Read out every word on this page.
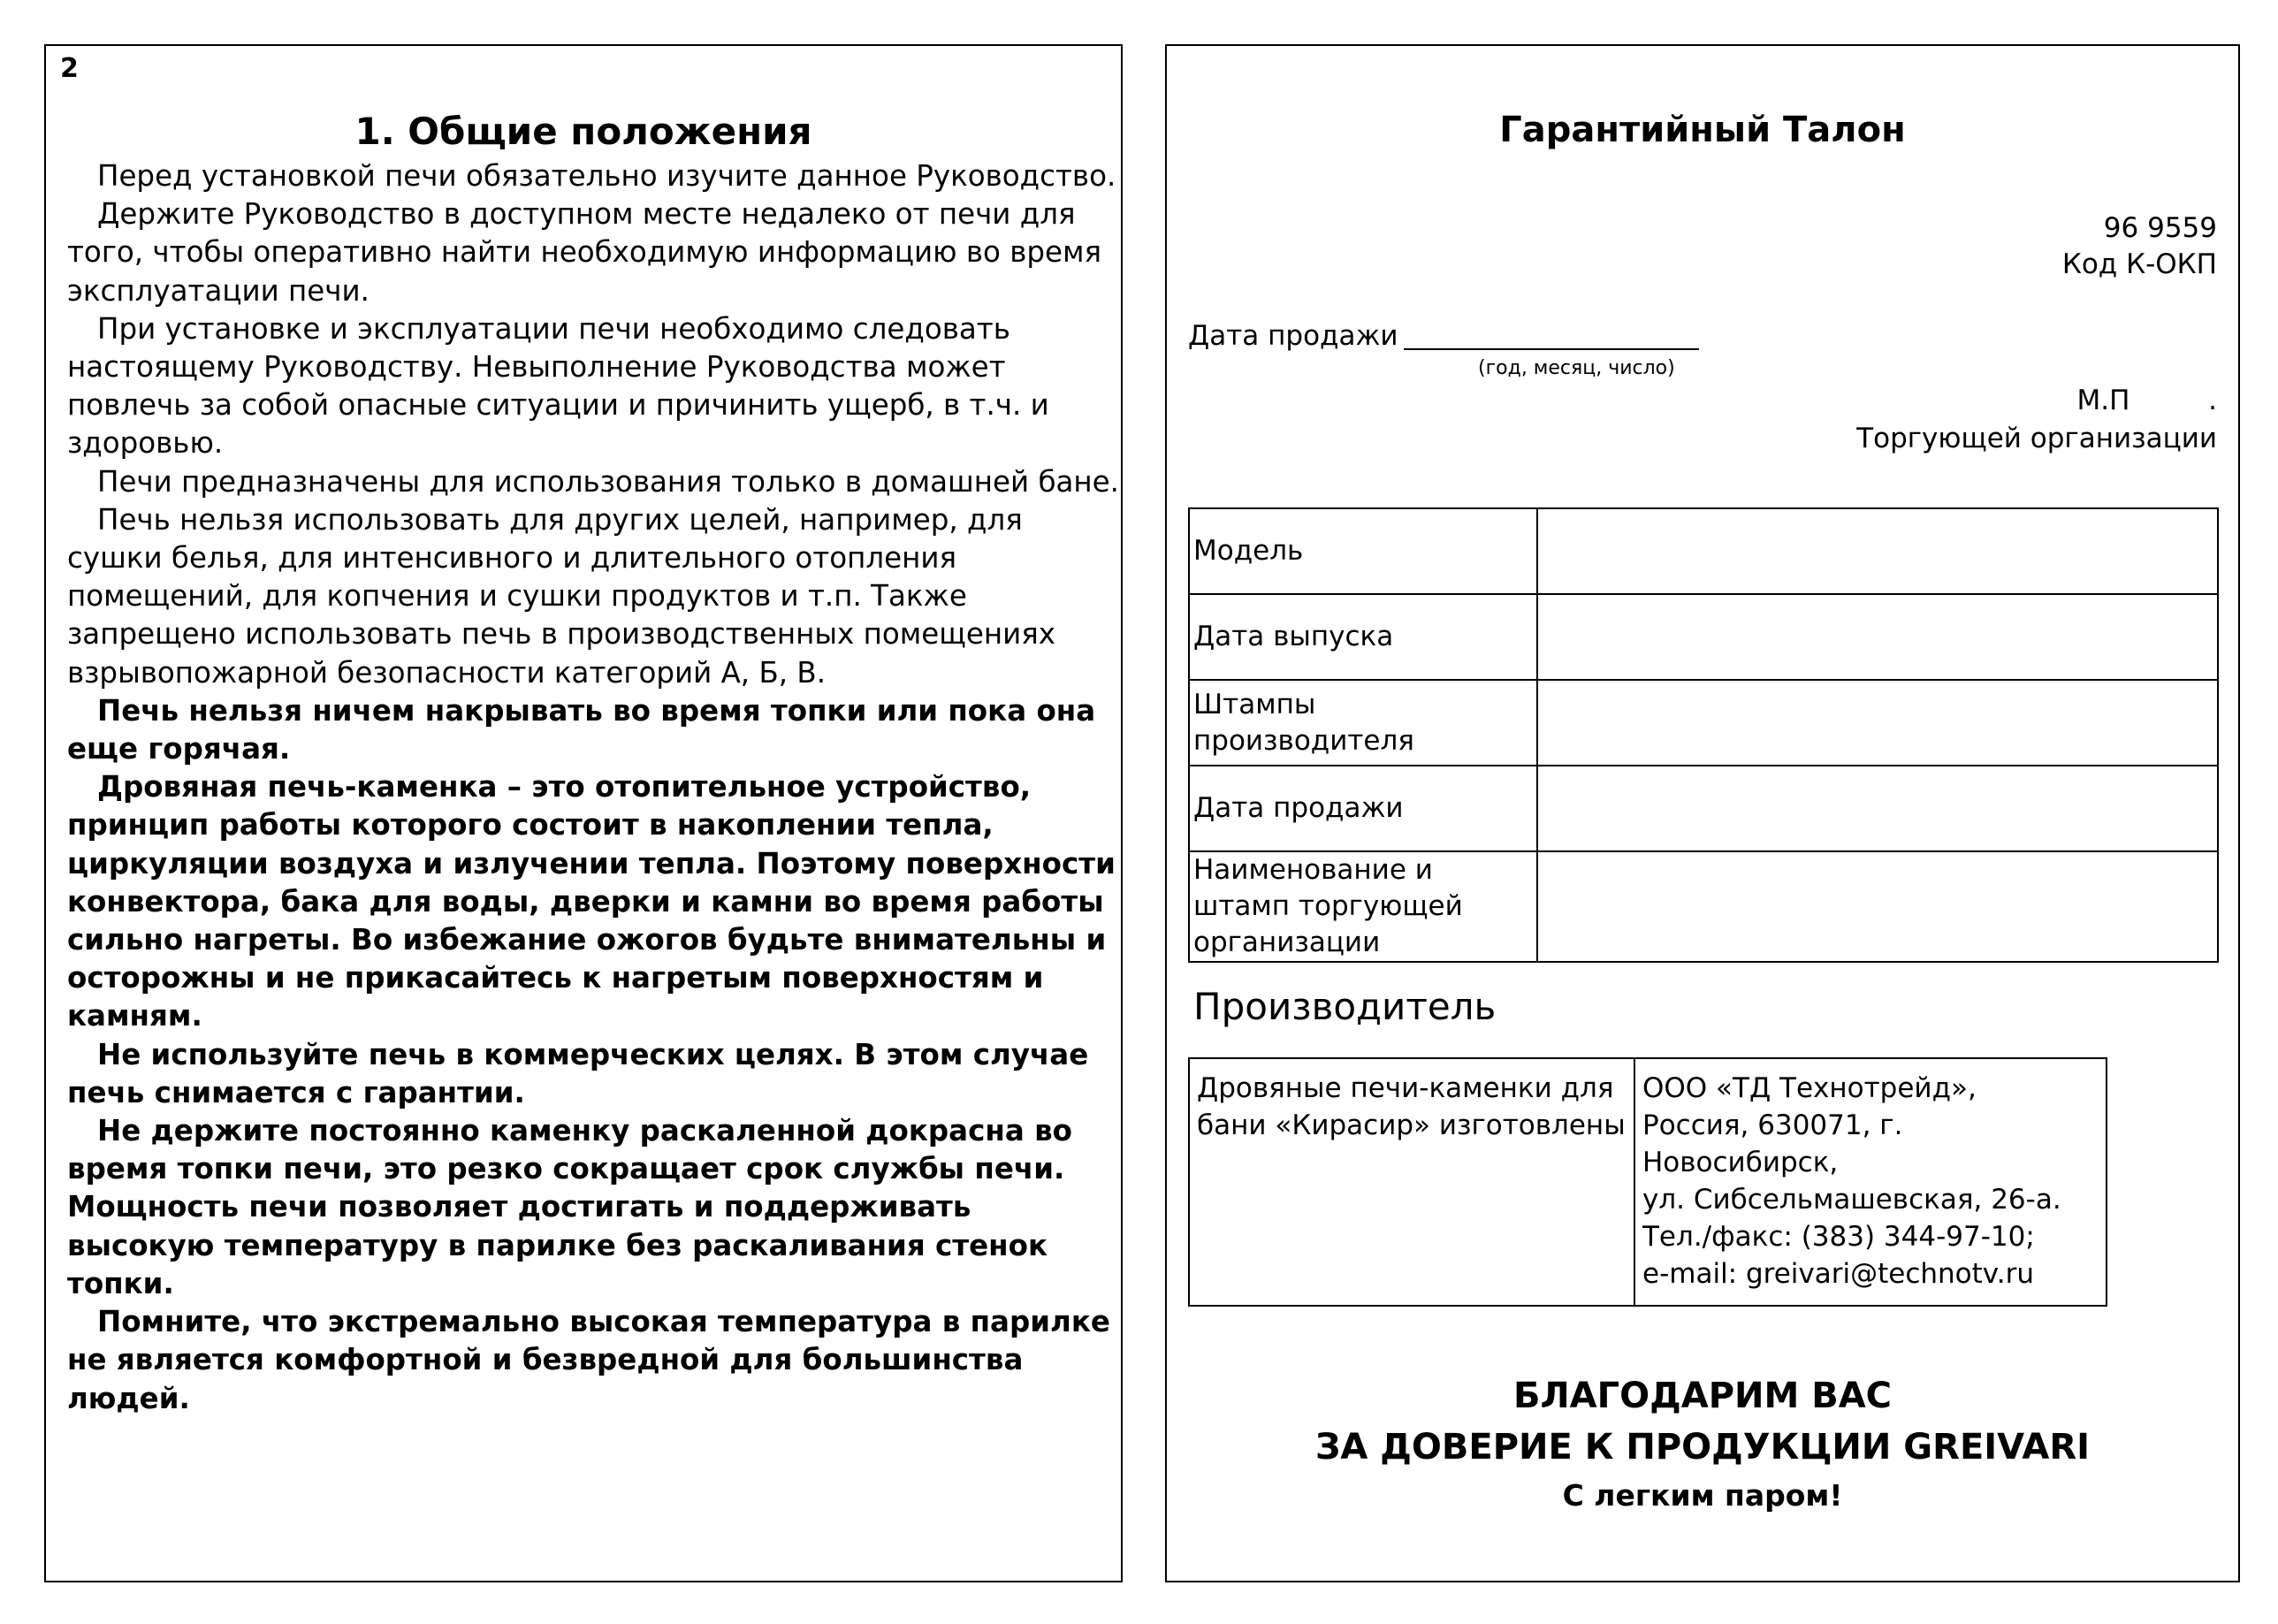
2
1. Общие положения

Перед установкой печи обязательно изучите данное Руководство.

Держите Руководство в доступном месте недалеко от печи для того, чтобы оперативно найти необходимую информацию во время эксплуатации печи.

При установке и эксплуатации печи необходимо следовать настоящему Руководству. Невыполнение Руководства может повлечь за собой опасные ситуации и причинить ущерб, в т.ч. и здоровью.

Печи предназначены для использования только в домашней бане.

Печь нельзя использовать для других целей, например, для сушки белья, для интенсивного и длительного отопления помещений, для копчения и сушки продуктов и т.п. Также запрещено использовать печь в производственных помещениях взрывопожарной безопасности категорий А, Б, В.

Печь нельзя ничем накрывать во время топки или пока она еще горячая.

Дровяная печь-каменка – это отопительное устройство, принцип работы которого состоит в накоплении тепла, циркуляции воздуха и излучении тепла. Поэтому поверхности конвектора, бака для воды, дверки и камни во время работы сильно нагреты. Во избежание ожогов будьте внимательны и осторожны и не прикасайтесь к нагретым поверхностям и камням.

Не используйте печь в коммерческих целях. В этом случае печь снимается с гарантии.

Не держите постоянно каменку раскаленной докрасна во время топки печи, это резко сокращает срок службы печи. Мощность печи позволяет достигать и поддерживать высокую температуру в парилке без раскаливания стенок топки.

Помните, что экстремально высокая температура в парилке не является комфортной и безвредной для большинства людей.

Гарантийный Талон
96 9559
Код К-ОКП
Дата продажи
(год, месяц, число)
М.П         .
Торгующей организации
Модель	
Дата выпуска	
Штампы производителя	
Дата продажи	
Наименование и штамп торгующей организации	
Производитель
Дровяные печи-каменки для бани «Кирасир» изготовлены	
ООО «ТД Технотрейд»,
Россия, 630071, г. Новосибирск,
ул. Сибсельмашевская, 26-а.
Тел./факс: (383) 344-97-10;
e-mail: greivari@technotv.ru
БЛАГОДАРИМ ВАС
ЗА ДОВЕРИЕ К ПРОДУКЦИИ GREIVARI
С легким паром!
